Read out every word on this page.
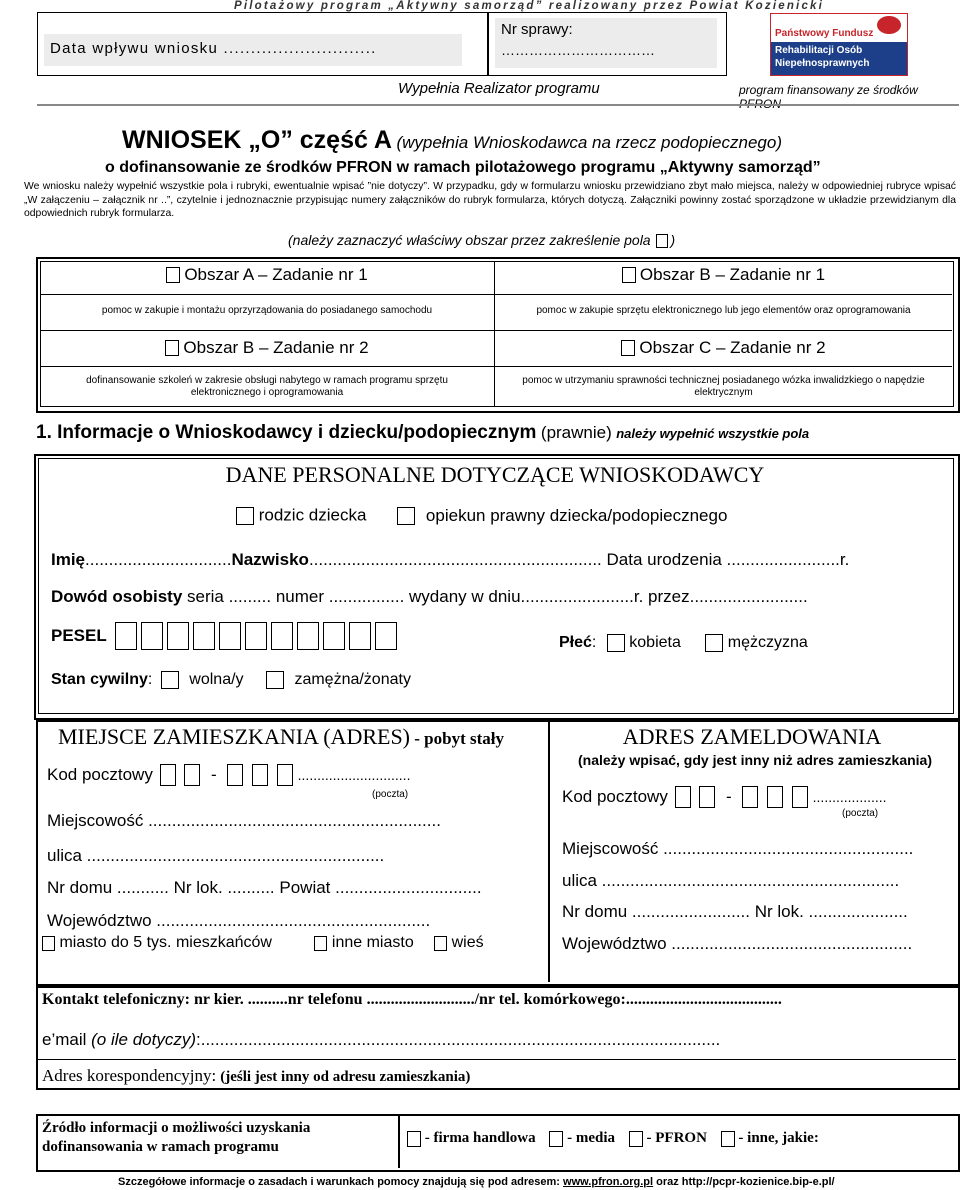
Pilotażowy program „Aktywny samorząd” realizowany przez Powiat Kozienicki
Data wpływu wniosku ............................
Nr sprawy:
……………………………
Państwowy Fundusz
Rehabilitacji Osób
Niepełnosprawnych
Wypełnia Realizator programu	program finansowany ze środków PFRON
WNIOSEK „O” część A (wypełnia Wnioskodawca na rzecz podopiecznego)
o dofinansowanie ze środków PFRON w ramach pilotażowego programu „Aktywny samorząd”
We wniosku należy wypełnić wszystkie pola i rubryki, ewentualnie wpisać ”nie dotyczy”. W przypadku, gdy w formularzu wniosku przewidziano zbyt mało miejsca, należy w odpowiedniej rubryce wpisać „W załączeniu – załącznik nr ..”, czytelnie i jednoznacznie przypisując numery załączników do rubryk formularza, których dotyczą. Załączniki powinny zostać sporządzone w układzie przewidzianym dla odpowiednich rubryk formularza.
(należy zaznaczyć właściwy obszar przez zakreślenie pola )
Obszar A – Zadanie nr 1
pomoc w zakupie i montażu oprzyrządowania do posiadanego samochodu
Obszar B – Zadanie nr 1
pomoc w zakupie sprzętu elektronicznego lub jego elementów oraz oprogramowania
Obszar B – Zadanie nr 2
dofinansowanie szkoleń w zakresie obsługi nabytego w ramach programu sprzętu elektronicznego i oprogramowania
Obszar C – Zadanie nr 2
pomoc w utrzymaniu sprawności technicznej posiadanego wózka inwalidzkiego o napędzie elektrycznym
1. Informacje o Wnioskodawcy i dziecku/podopiecznym (prawnie) należy wypełnić wszystkie pola
DANE PERSONALNE DOTYCZĄCE WNIOSKODAWCY
rodzic dziecka	opiekun prawny dziecka/podopiecznego
Imię...............................Nazwisko.............................................................. Data urodzenia ........................r.
Dowód osobisty seria ......... numer ................ wydany w dniu........................r. przez.........................
PESEL	Płeć: kobieta	mężczyzna
Stan cywilny: wolna/y	zamężna/żonaty
MIEJSCE ZAMIESZKANIA (ADRES) - pobyt stały
Kod pocztowy	-	.............................
(poczta)
Miejscowość ..............................................................
ulica ...............................................................
Nr domu ........... Nr lok. .......... Powiat ...............................
Województwo ..........................................................
miasto do 5 tys. mieszkańców	inne miasto wieś
ADRES ZAMELDOWANIA
(należy wpisać, gdy jest inny niż adres zamieszkania)
Kod pocztowy	-	...................
(poczta)
Miejscowość .....................................................
ulica ...............................................................
Nr domu ......................... Nr lok. .....................
Województwo ...................................................
Kontakt telefoniczny: nr kier. ..........nr telefonu .........................../nr tel. komórkowego:.......................................
e’mail (o ile dotyczy):..............................................................................................................
Adres korespondencyjny: (jeśli jest inny od adresu zamieszkania)
Źródło informacji o możliwości uzyskania dofinansowania w ramach programu
- firma handlowa - media - PFRON - inne, jakie:
Szczegółowe informacje o zasadach i warunkach pomocy znajdują się pod adresem: www.pfron.org.pl oraz http://pcpr-kozienice.bip-e.pl/
